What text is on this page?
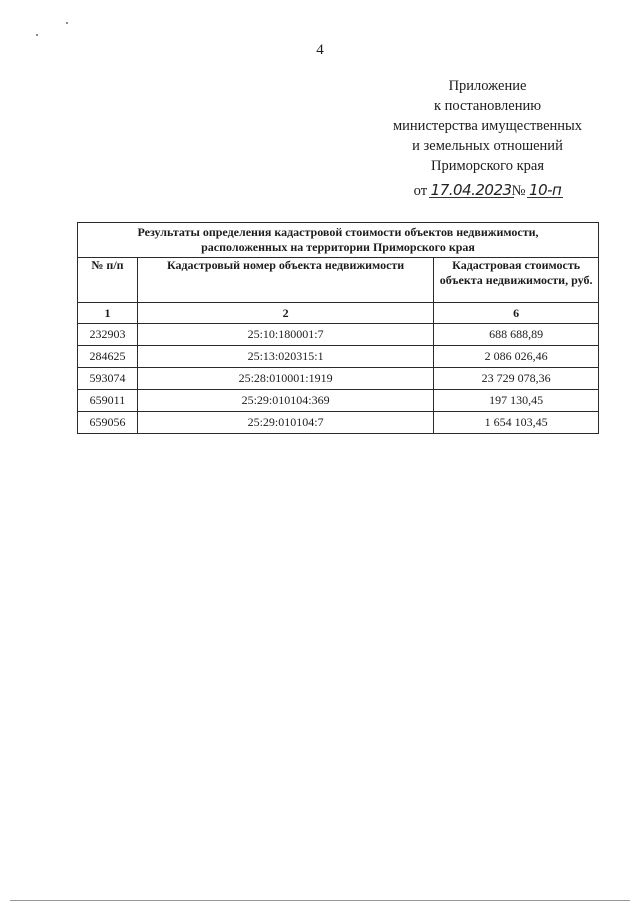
4
Приложение
к постановлению
министерства имущественных
и земельных отношений
Приморского края
от 17.04.2023№ 10-п
Результаты определения кадастровой стоимости объектов недвижимости,
расположенных на территории Приморского края		

№ п/п	Кадастровый номер объекта недвижимости	Кадастровая стоимость объекта недвижимости, руб.
1	2	6
232903	25:10:180001:7	688 688,89
284625	25:13:020315:1	2 086 026,46
593074	25:28:010001:1919	23 729 078,36
659011	25:29:010104:369	197 130,45
659056	25:29:010104:7	1 654 103,45
